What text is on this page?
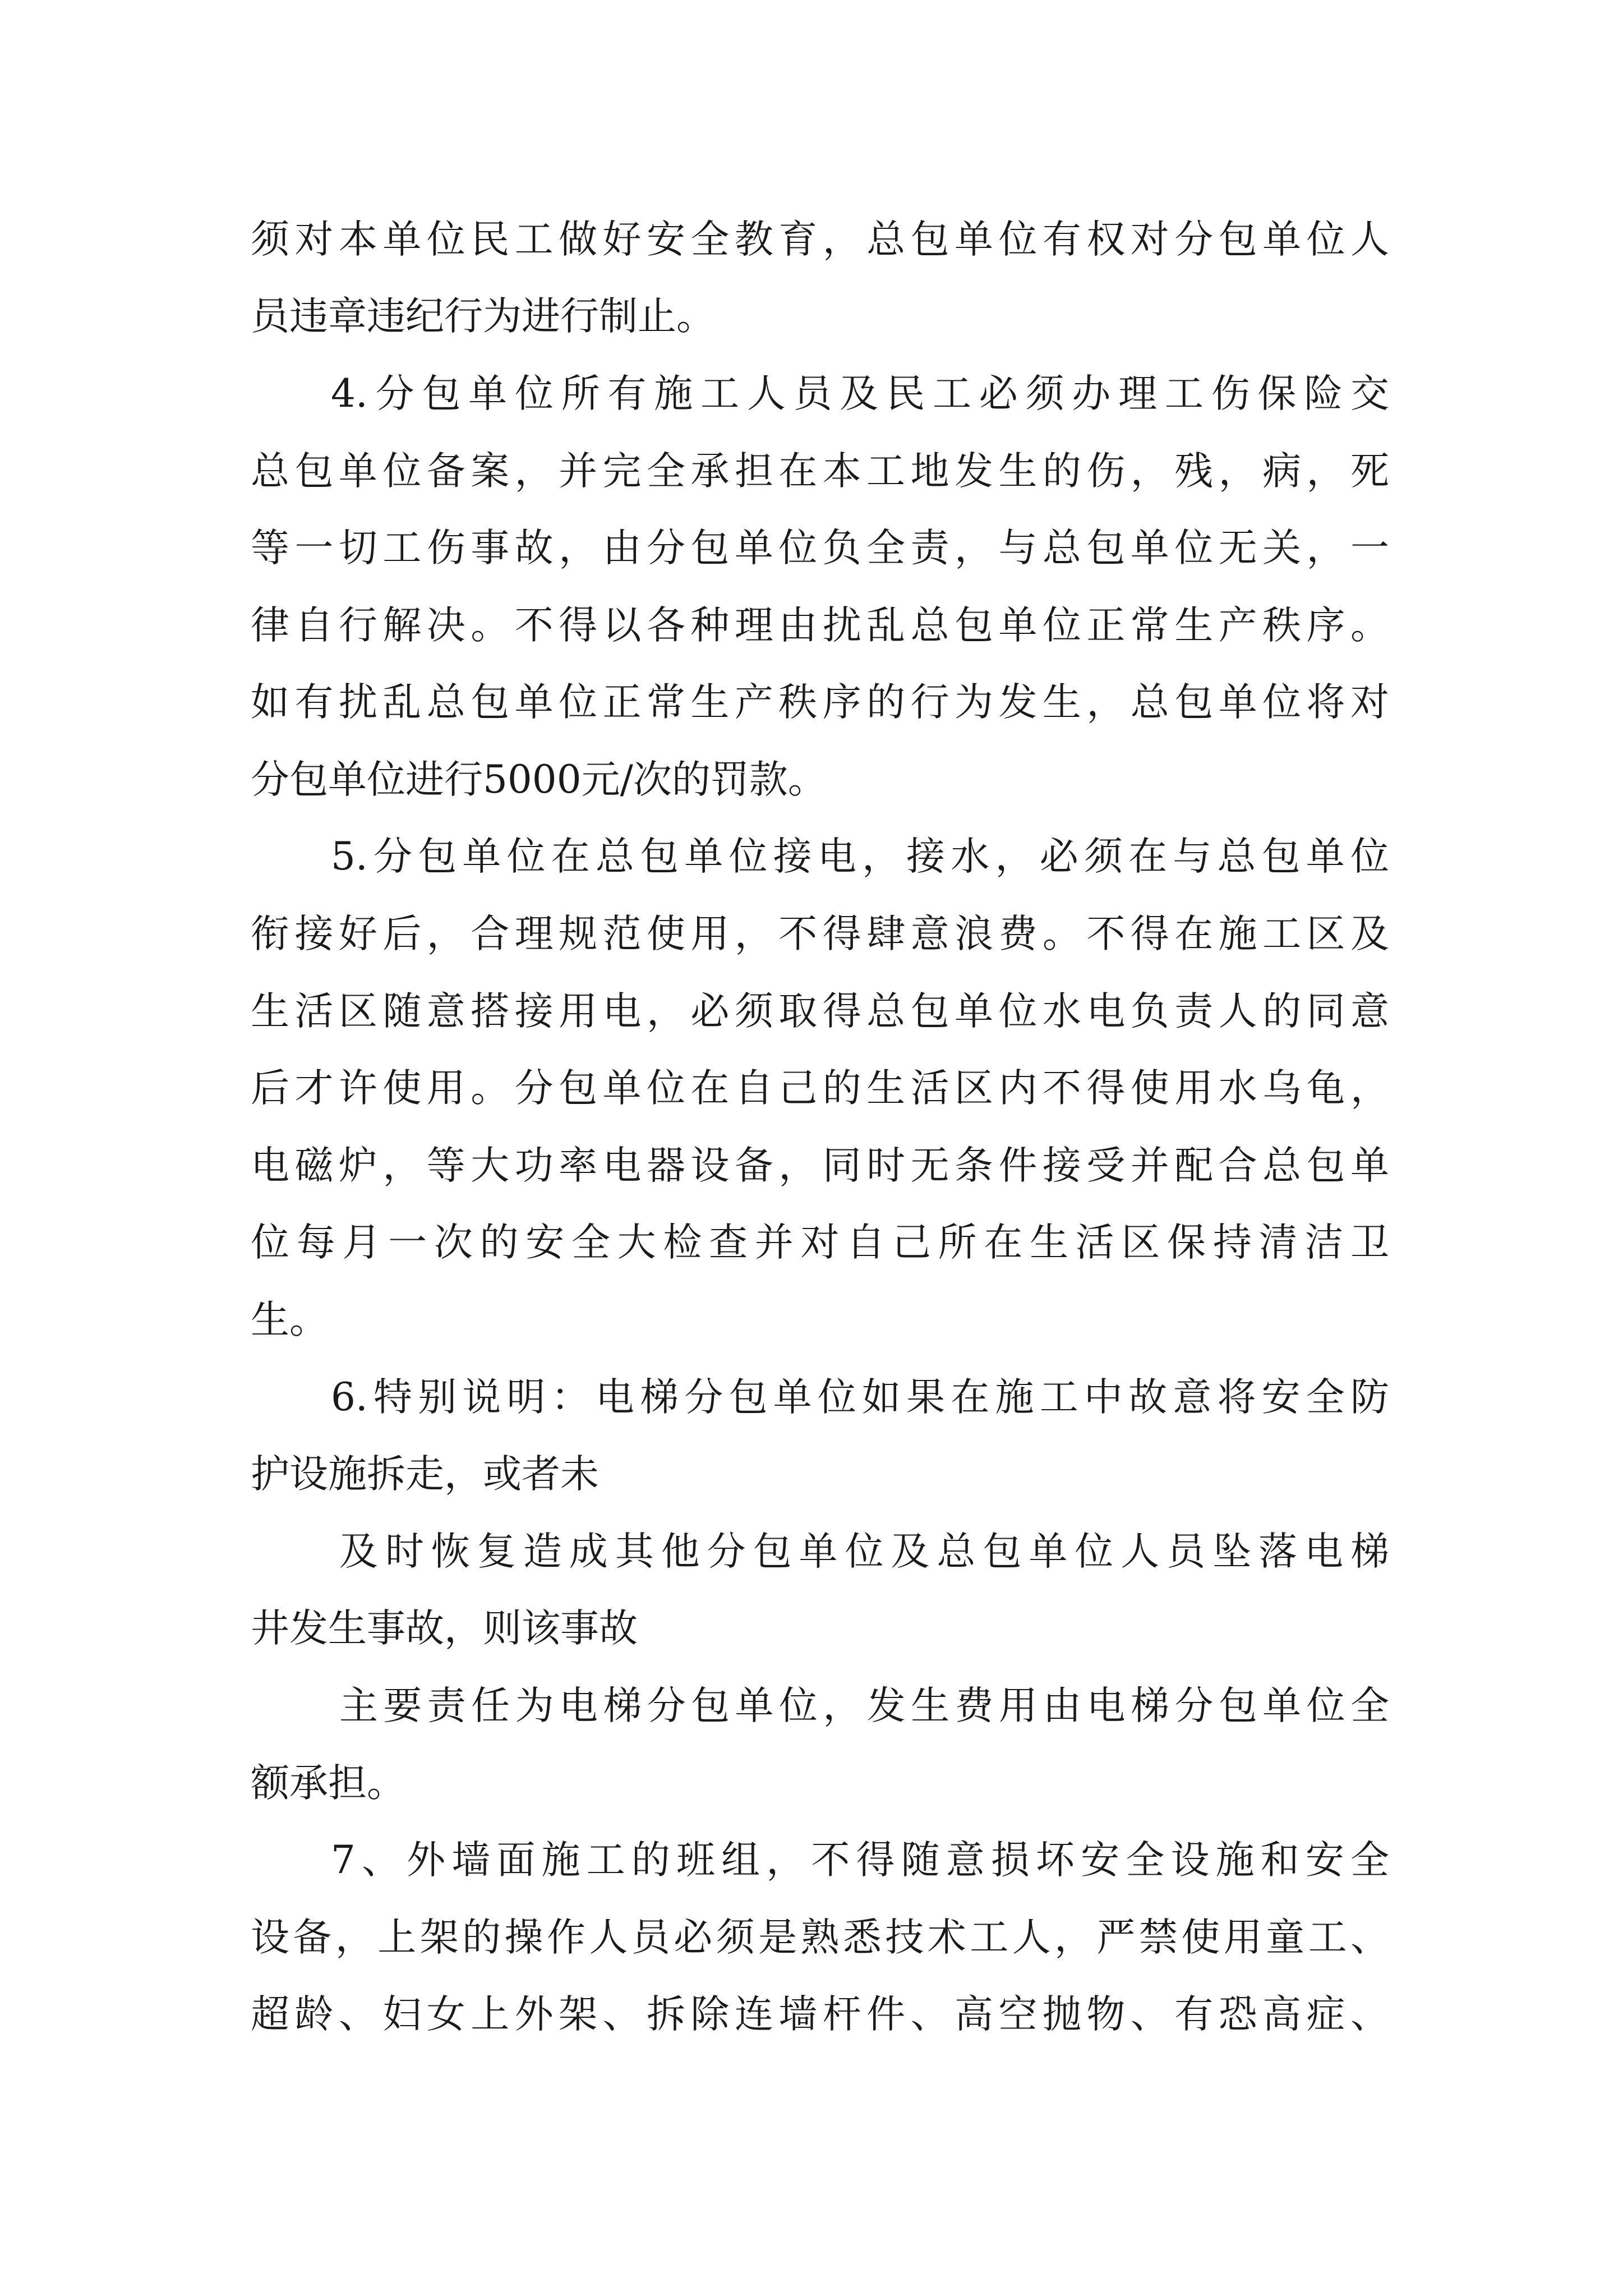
须对本单位民工做好安全教育，总包单位有权对分包单位人

员违章违纪行为进行制止。

4.分包单位所有施工人员及民工必须办理工伤保险交

总包单位备案，并完全承担在本工地发生的伤，残，病，死

等一切工伤事故，由分包单位负全责，与总包单位无关，一

律自行解决。不得以各种理由扰乱总包单位正常生产秩序。

如有扰乱总包单位正常生产秩序的行为发生，总包单位将对

分包单位进行5000元/次的罚款。

5.分包单位在总包单位接电，接水，必须在与总包单位

衔接好后，合理规范使用，不得肆意浪费。不得在施工区及

生活区随意搭接用电，必须取得总包单位水电负责人的同意

后才许使用。分包单位在自己的生活区内不得使用水乌龟，

电磁炉，等大功率电器设备，同时无条件接受并配合总包单

位每月一次的安全大检查并对自己所在生活区保持清洁卫

生。

6.特别说明：电梯分包单位如果在施工中故意将安全防

护设施拆走，或者未

及时恢复造成其他分包单位及总包单位人员坠落电梯

井发生事故，则该事故

主要责任为电梯分包单位，发生费用由电梯分包单位全

额承担。

7、外墙面施工的班组，不得随意损坏安全设施和安全

设备，上架的操作人员必须是熟悉技术工人，严禁使用童工、

超龄、妇女上外架、拆除连墙杆件、高空抛物、有恐高症、
